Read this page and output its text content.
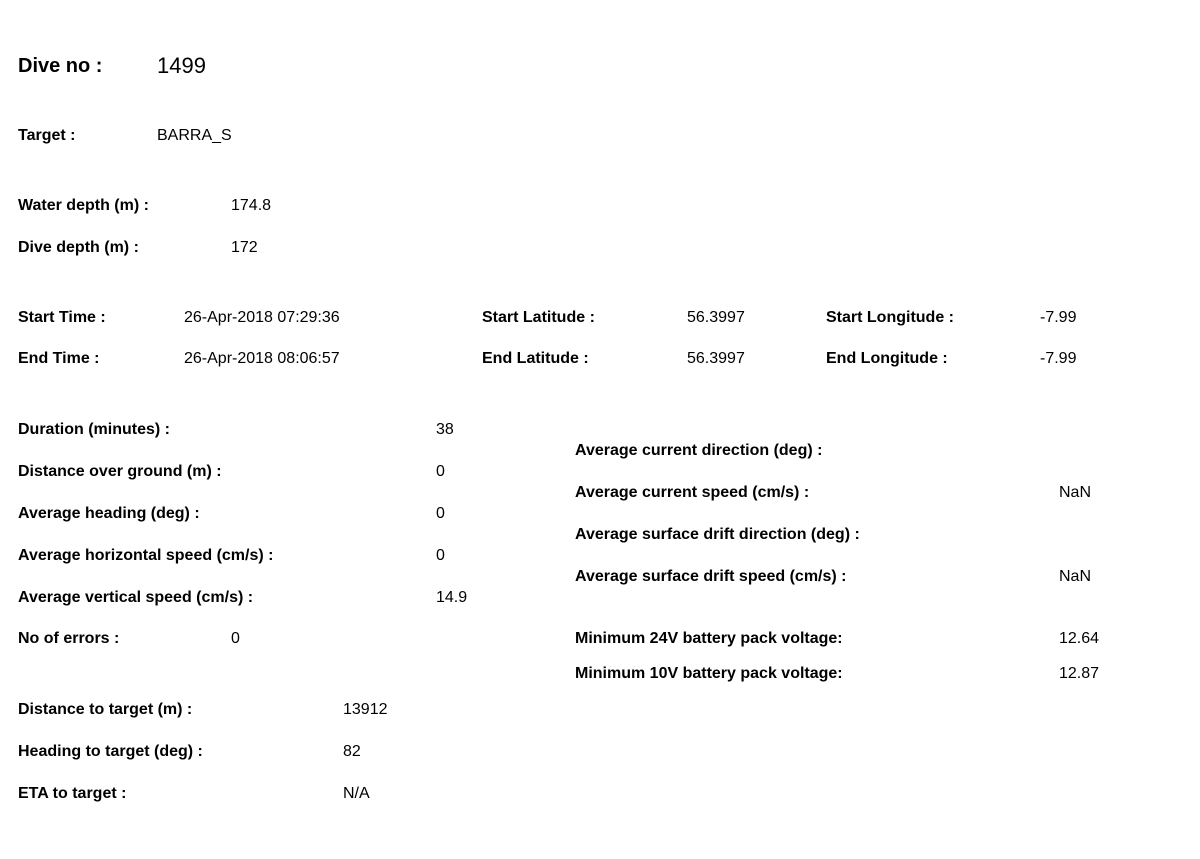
Dive no : 1499
Target :	BARRA_S
Water depth (m) :	174.8
Dive depth (m) :	172
Start Time :	26-Apr-2018 07:29:36
End Time :	26-Apr-2018 08:06:57
Start Latitude :	56.3997
End Latitude :	56.3997
Start Longitude :	-7.99
End Longitude :	-7.99
Duration (minutes) :	38
Distance over ground (m) :	0
Average heading (deg) :	0
Average horizontal speed (cm/s) :	0
Average vertical speed (cm/s) :	14.9
No of errors :	0
Average current direction (deg) :
Average current speed (cm/s) :	NaN
Average surface drift direction (deg) :
Average surface drift speed (cm/s) :	NaN
Minimum 24V battery pack voltage:	12.64
Minimum 10V battery pack voltage:	12.87
Distance to target (m) :	13912
Heading to target (deg) :	82
ETA to target :	N/A
